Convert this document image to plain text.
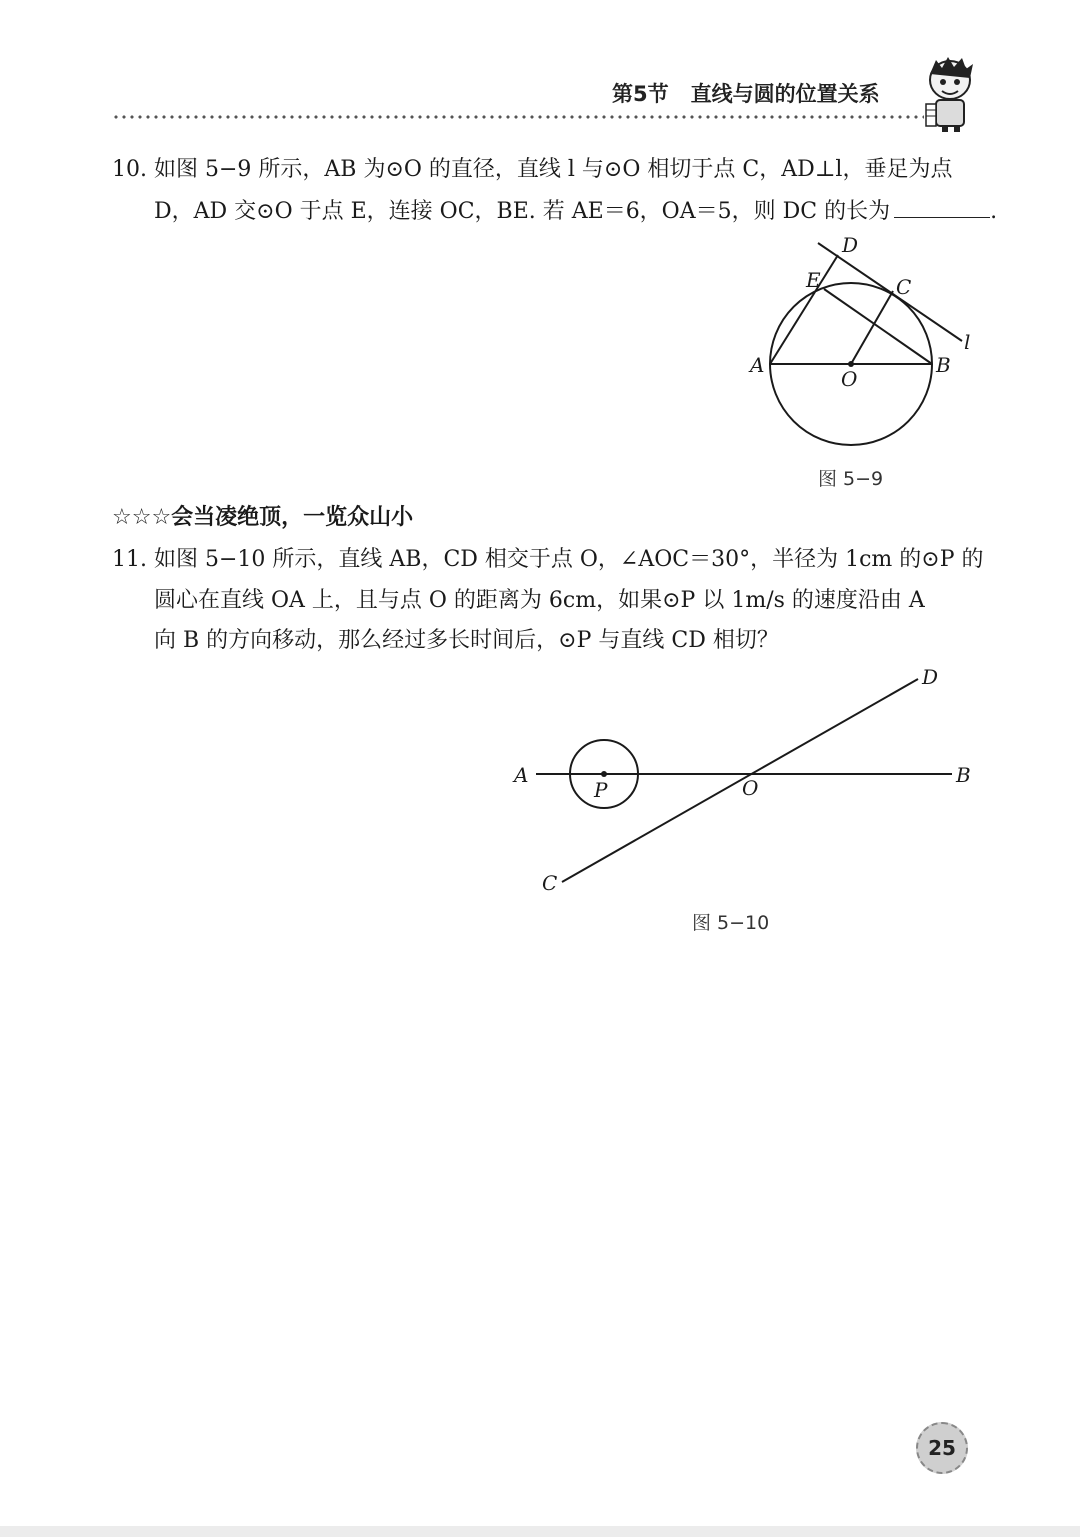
第5节 直线与圆的位置关系
10. 如图 5−9 所示，AB 为⊙O 的直径，直线 l 与⊙O 相切于点 C，AD⊥l，垂足为点
D，AD 交⊙O 于点 E，连接 OC，BE. 若 AE＝6，OA＝5，则 DC 的长为	.
D
E	C
l
A
O
B
图 5−9
☆☆☆会当凌绝顶，一览众山小
11. 如图 5−10 所示，直线 AB，CD 相交于点 O，∠AOC＝30°，半径为 1cm 的⊙P 的
圆心在直线 OA 上，且与点 O 的距离为 6cm，如果⊙P 以 1m/s 的速度沿由 A
向 B 的方向移动，那么经过多长时间后，⊙P 与直线 CD 相切？
A	B
C
D
O
P
图 5−10
25
